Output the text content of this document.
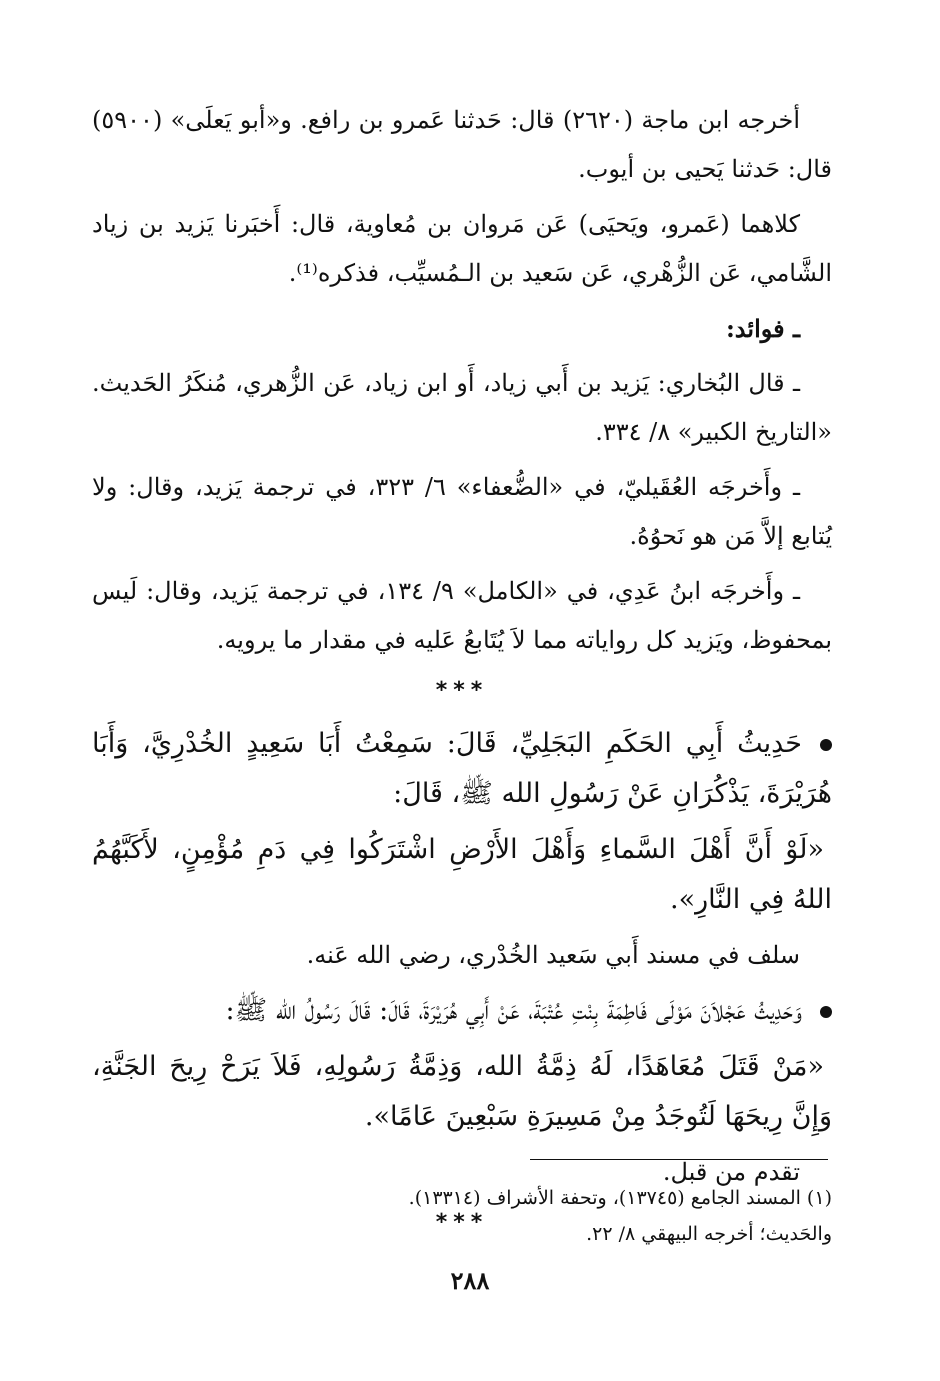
أخرجه ابن ماجة (٢٦٢٠) قال: حَدثنا عَمرو بن رافع. و«أبو يَعلَى» (٥٩٠٠) قال: حَدثنا يَحيى بن أيوب.

كلاهما (عَمرو، ويَحيَى) عَن مَروان بن مُعاوية، قال: أَخبَرنا يَزيد بن زياد الشَّامي، عَن الزُّهْري، عَن سَعيد بن الـمُسيِّب، فذكره⁽¹⁾.

ـ فوائد:

ـ قال البُخاري: يَزيد بن أَبي زياد، أَو ابن زياد، عَن الزُّهري، مُنكَرُ الحَديث. «التاريخ الكبير» ٨/ ٣٣٤.

ـ وأَخرجَه العُقَيليّ، في «الضُّعفاء» ٦/ ٣٢٣، في ترجمة يَزيد، وقال: ولا يُتابع إلاَّ مَن هو نَحوُهُ.

ـ وأَخرجَه ابنُ عَدِي، في «الكامل» ٩/ ١٣٤، في ترجمة يَزيد، وقال: لَيس بمحفوظ، ويَزيد كل رواياته مما لاَ يُتَابعُ عَليه في مقدار ما يرويه.

***

حَدِيثُ أَبِي الحَكَمِ البَجَلِيِّ، قَالَ: سَمِعْتُ أَبَا سَعِيدٍ الخُدْرِيَّ، وَأَبَا هُرَيْرَةَ، يَذْكُرَانِ عَنْ رَسُولِ الله ﷺ، قَالَ:

«لَوْ أَنَّ أَهْلَ السَّماءِ وَأَهْلَ الأَرْضِ اشْتَرَكُوا فِي دَمِ مُؤْمِنٍ، لأَكَبَّهُمُ اللهُ فِي النَّارِ».

سلف في مسند أَبي سَعيد الخُدْري، رضي الله عَنه.

وَحَدِيثُ عَجْلاَنَ مَوْلَى فَاطِمَةَ بِنْتِ عُتْبَةَ، عَنْ أَبِي هُرَيْرَةَ، قَالَ: قَالَ رَسُولُ الله ﷺ:

«مَنْ قَتَلَ مُعَاهَدًا، لَهُ ذِمَّةُ الله، وَذِمَّةُ رَسُولِهِ، فَلاَ يَرَحْ رِيحَ الجَنَّةِ، وَإِنَّ رِيحَهَا لَتُوجَدُ مِنْ مَسِيرَةِ سَبْعِينَ عَامًا».

تقدم من قبل.

***

(١) المسند الجامع (١٣٧٤٥)، وتحفة الأشراف (١٣٣١٤).

والحَديث؛ أخرجه البيهقي ٨/ ٢٢.

٢٨٨
